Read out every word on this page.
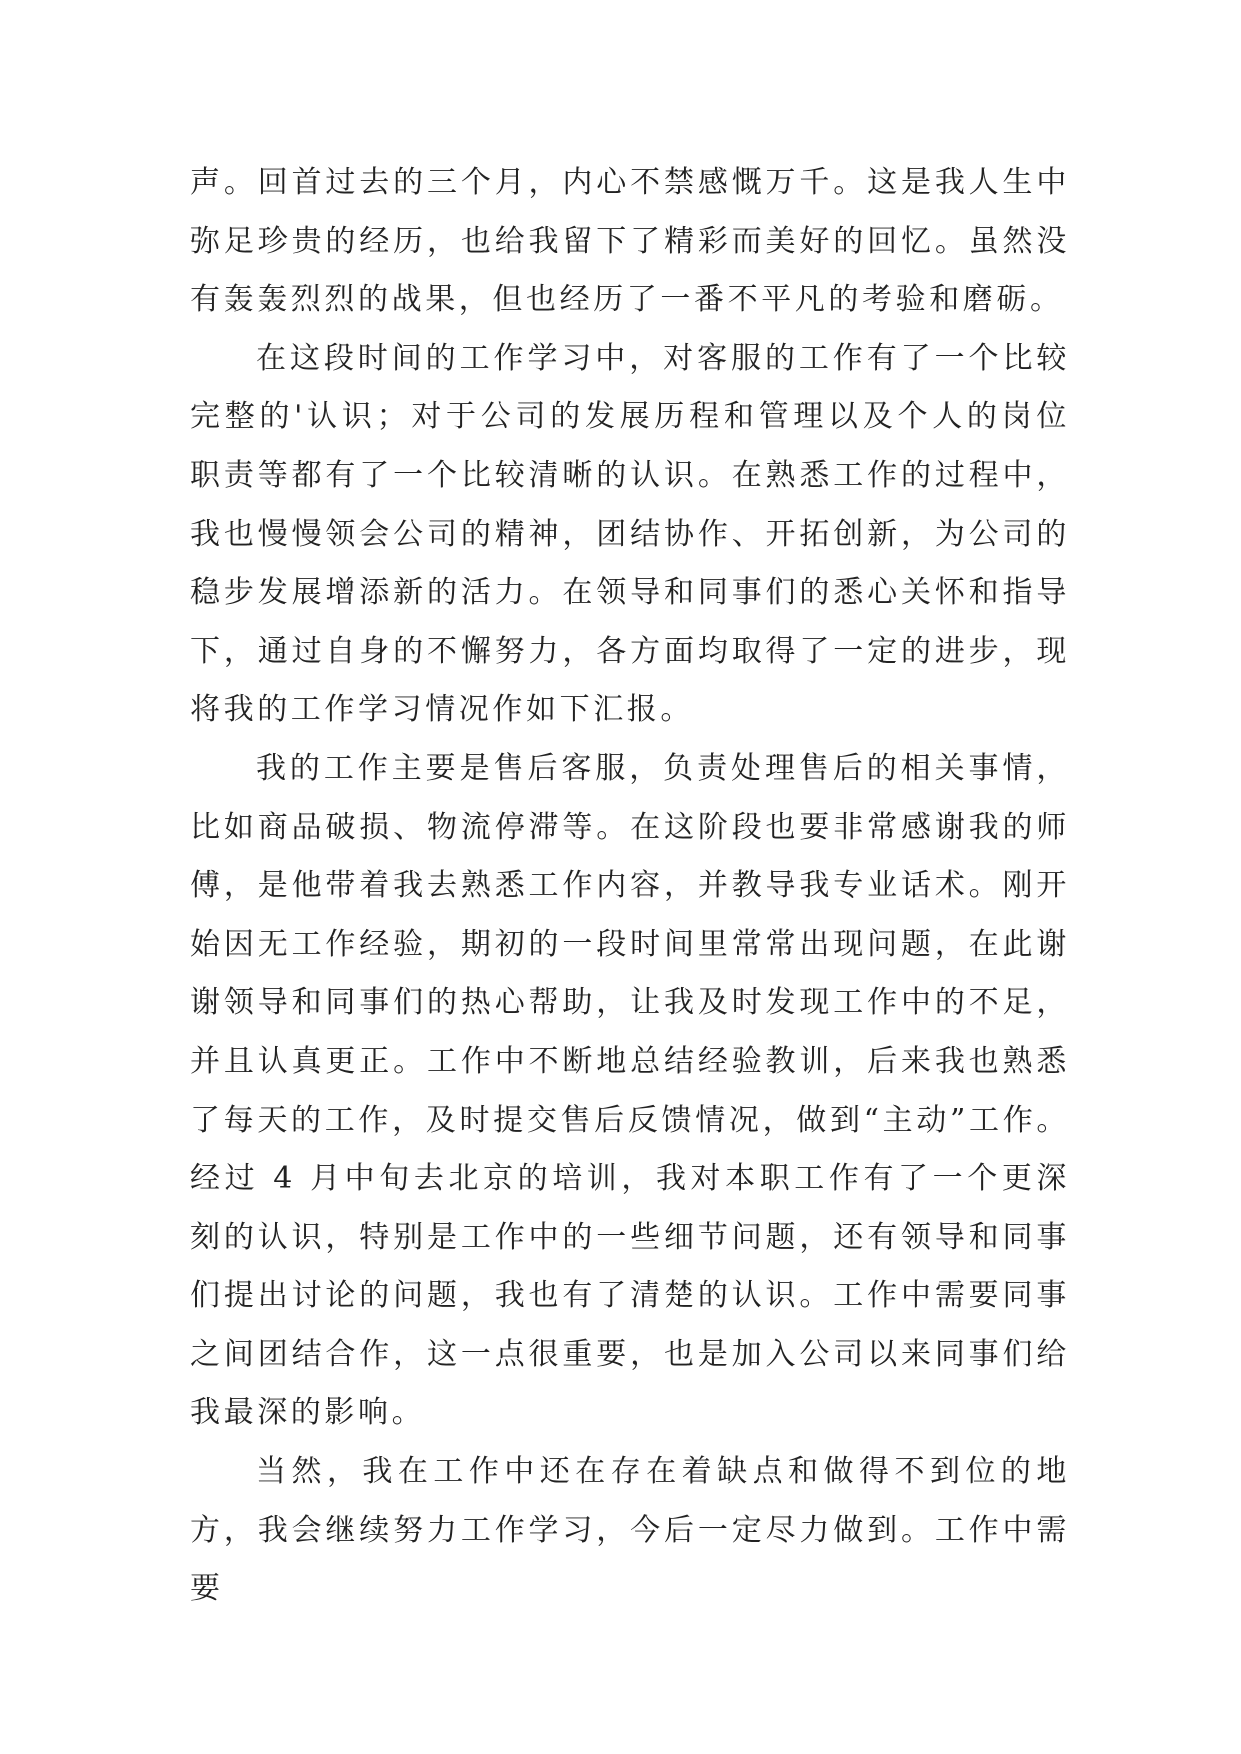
声。回首过去的三个月，内心不禁感慨万千。这是我人生中弥足珍贵的经历，也给我留下了精彩而美好的回忆。虽然没有轰轰烈烈的战果，但也经历了一番不平凡的考验和磨砺。

在这段时间的工作学习中，对客服的工作有了一个比较完整的'认识；对于公司的发展历程和管理以及个人的岗位职责等都有了一个比较清晰的认识。在熟悉工作的过程中，我也慢慢领会公司的精神，团结协作、开拓创新，为公司的稳步发展增添新的活力。在领导和同事们的悉心关怀和指导下，通过自身的不懈努力，各方面均取得了一定的进步，现将我的工作学习情况作如下汇报。

我的工作主要是售后客服，负责处理售后的相关事情，比如商品破损、物流停滞等。在这阶段也要非常感谢我的师傅，是他带着我去熟悉工作内容，并教导我专业话术。刚开始因无工作经验，期初的一段时间里常常出现问题，在此谢谢领导和同事们的热心帮助，让我及时发现工作中的不足，并且认真更正。工作中不断地总结经验教训，后来我也熟悉了每天的工作，及时提交售后反馈情况，做到“主动”工作。经过 4 月中旬去北京的培训，我对本职工作有了一个更深刻的认识，特别是工作中的一些细节问题，还有领导和同事们提出讨论的问题，我也有了清楚的认识。工作中需要同事之间团结合作，这一点很重要，也是加入公司以来同事们给我最深的影响。

当然，我在工作中还在存在着缺点和做得不到位的地方，我会继续努力工作学习，今后一定尽力做到。工作中需要
